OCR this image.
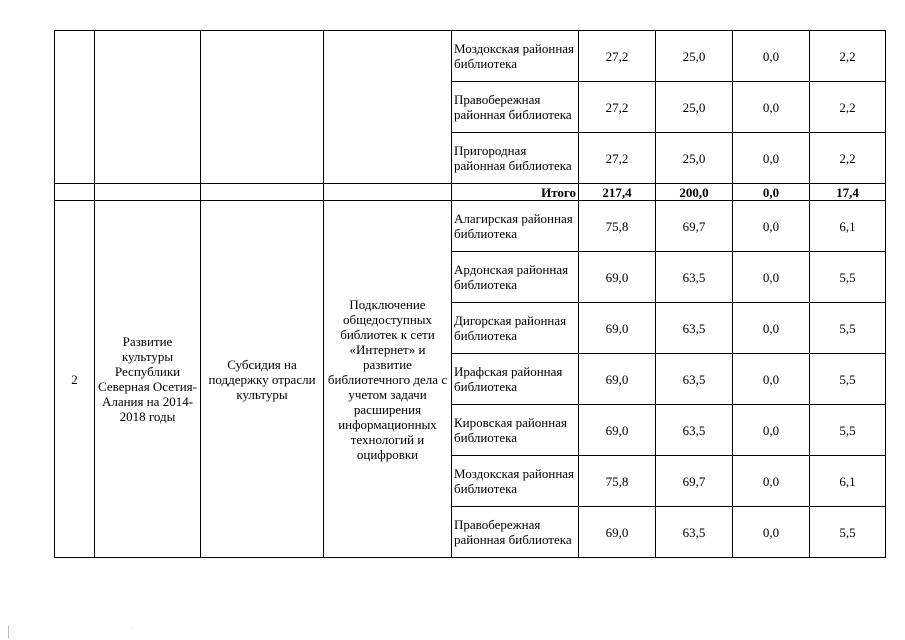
				Моздокская районная библиотека	27,2	25,0	0,0	2,2
				Правобережная районная библиотека	27,2	25,0	0,0	2,2
				Пригородная районная библиотека	27,2	25,0	0,0	2,2
				Итого	217,4	200,0	0,0	17,4
2	Развитие культуры Республики Северная Осетия-Алания на 2014-2018 годы	Субсидия на поддержку отрасли культуры	Подключение общедоступных библиотек к сети «Интернет» и развитие библиотечного дела с учетом задачи расширения информационных технологий и оцифровки	Алагирская районная библиотека	75,8	69,7	0,0	6,1
				Ардонская районная библиотека	69,0	63,5	0,0	5,5
				Дигорская районная библиотека	69,0	63,5	0,0	5,5
				Ирафская районная библиотека	69,0	63,5	0,0	5,5
				Кировская районная библиотека	69,0	63,5	0,0	5,5
				Моздокская районная библиотека	75,8	69,7	0,0	6,1
				Правобережная районная библиотека	69,0	63,5	0,0	5,5
